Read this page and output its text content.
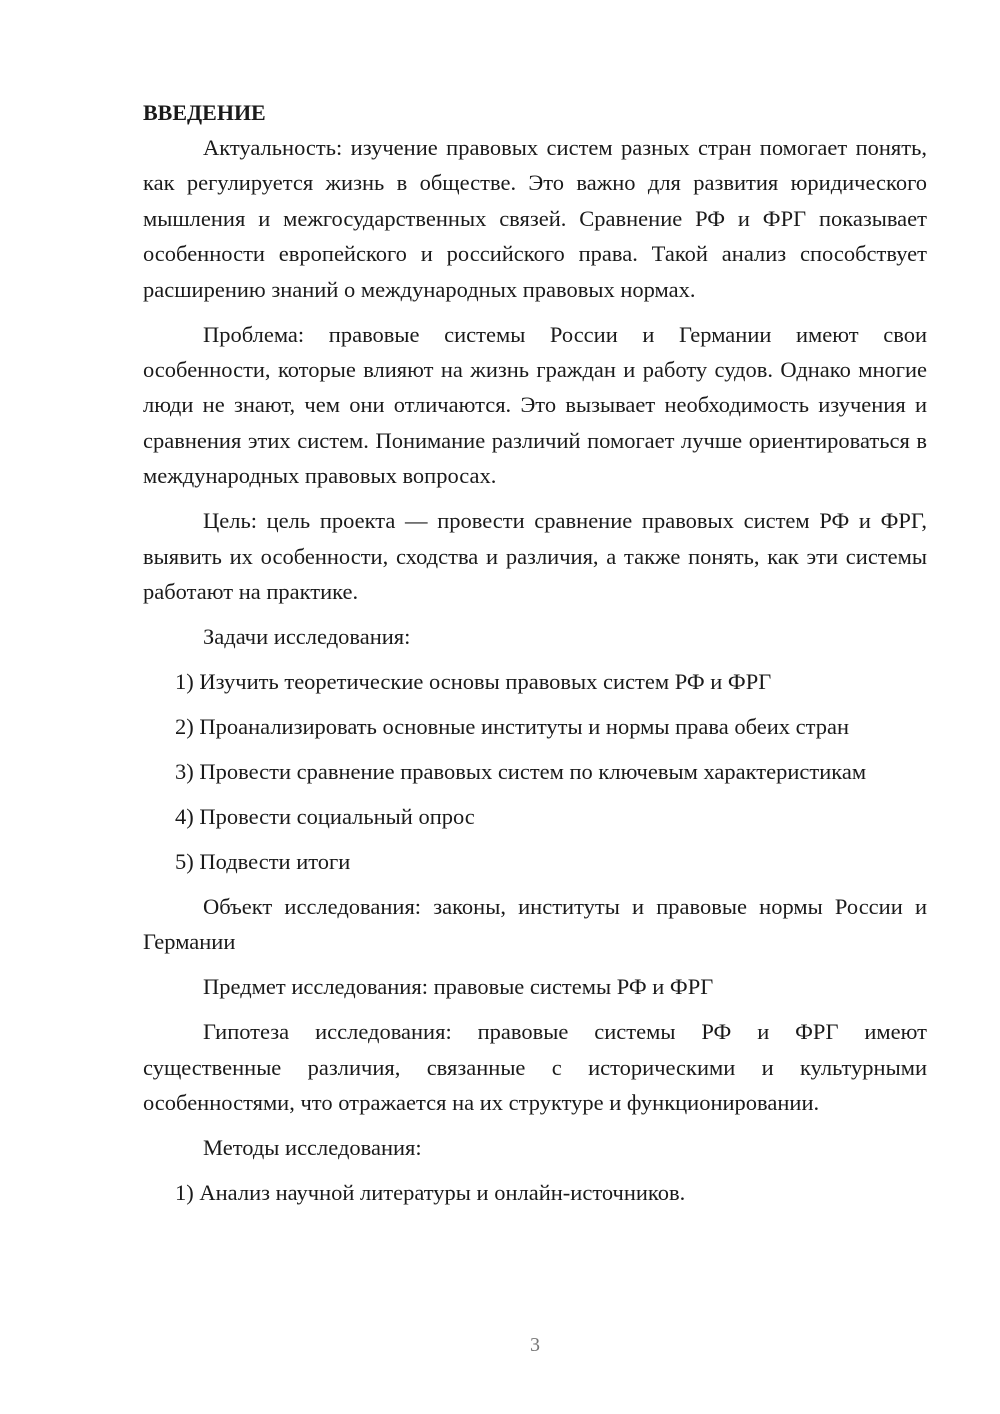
ВВЕДЕНИЕ

Актуальность: изучение правовых систем разных стран помогает понять, как регулируется жизнь в обществе. Это важно для развития юридического мышления и межгосударственных связей. Сравнение РФ и ФРГ показывает особенности европейского и российского права. Такой анализ способствует расширению знаний о международных правовых нормах.

Проблема: правовые системы России и Германии имеют свои особенности, которые влияют на жизнь граждан и работу судов. Однако многие люди не знают, чем они отличаются. Это вызывает необходимость изучения и сравнения этих систем. Понимание различий помогает лучше ориентироваться в международных правовых вопросах.

Цель: цель проекта — провести сравнение правовых систем РФ и ФРГ, выявить их особенности, сходства и различия, а также понять, как эти системы работают на практике.

Задачи исследования:

1) Изучить теоретические основы правовых систем РФ и ФРГ

2) Проанализировать основные институты и нормы права обеих стран

3) Провести сравнение правовых систем по ключевым характеристикам

4) Провести социальный опрос

5) Подвести итоги

Объект исследования: законы, институты и правовые нормы России и Германии

Предмет исследования: правовые системы РФ и ФРГ

Гипотеза исследования: правовые системы РФ и ФРГ имеют существенные различия, связанные с историческими и культурными особенностями, что отражается на их структуре и функционировании.

Методы исследования:

1) Анализ научной литературы и онлайн-источников.

3
